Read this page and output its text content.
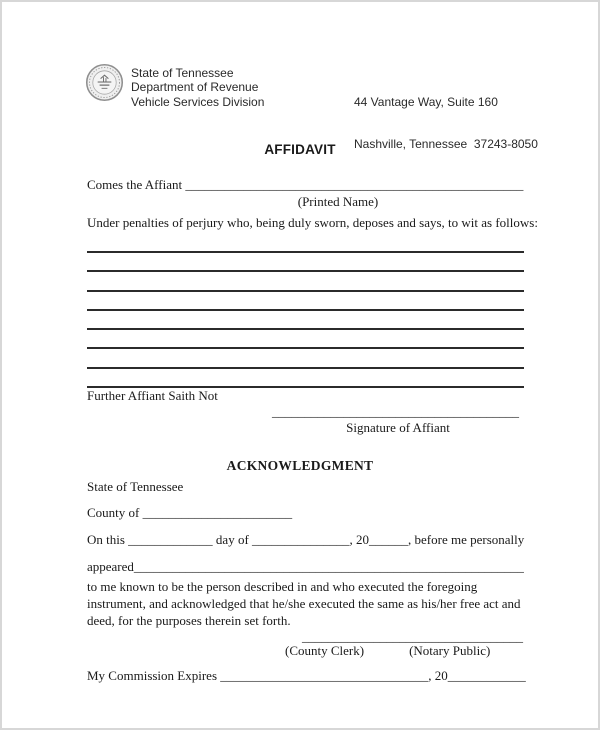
State of Tennessee
Department of Revenue
Vehicle Services Division

	44 Vantage Way, Suite 160

Nashville, Tennessee  37243-8050

AFFIDAVIT
Comes the Affiant ____________________________________________________
(Printed Name)
Under penalties of perjury who, being duly sworn, deposes and says, to wit as follows:
Further Affiant Saith Not
______________________________________
Signature of Affiant
ACKNOWLEDGMENT
State of Tennessee
County of _______________________
On this _____________ day of _______________, 20______, before me personally
appeared____________________________________________________________
to me known to be the person described in and who executed the foregoing instrument, and acknowledged that he/she executed the same as his/her free act and deed, for the purposes therein set forth.
__________________________________
(County Clerk)	(Notary Public)
My Commission Expires ________________________________, 20____________
